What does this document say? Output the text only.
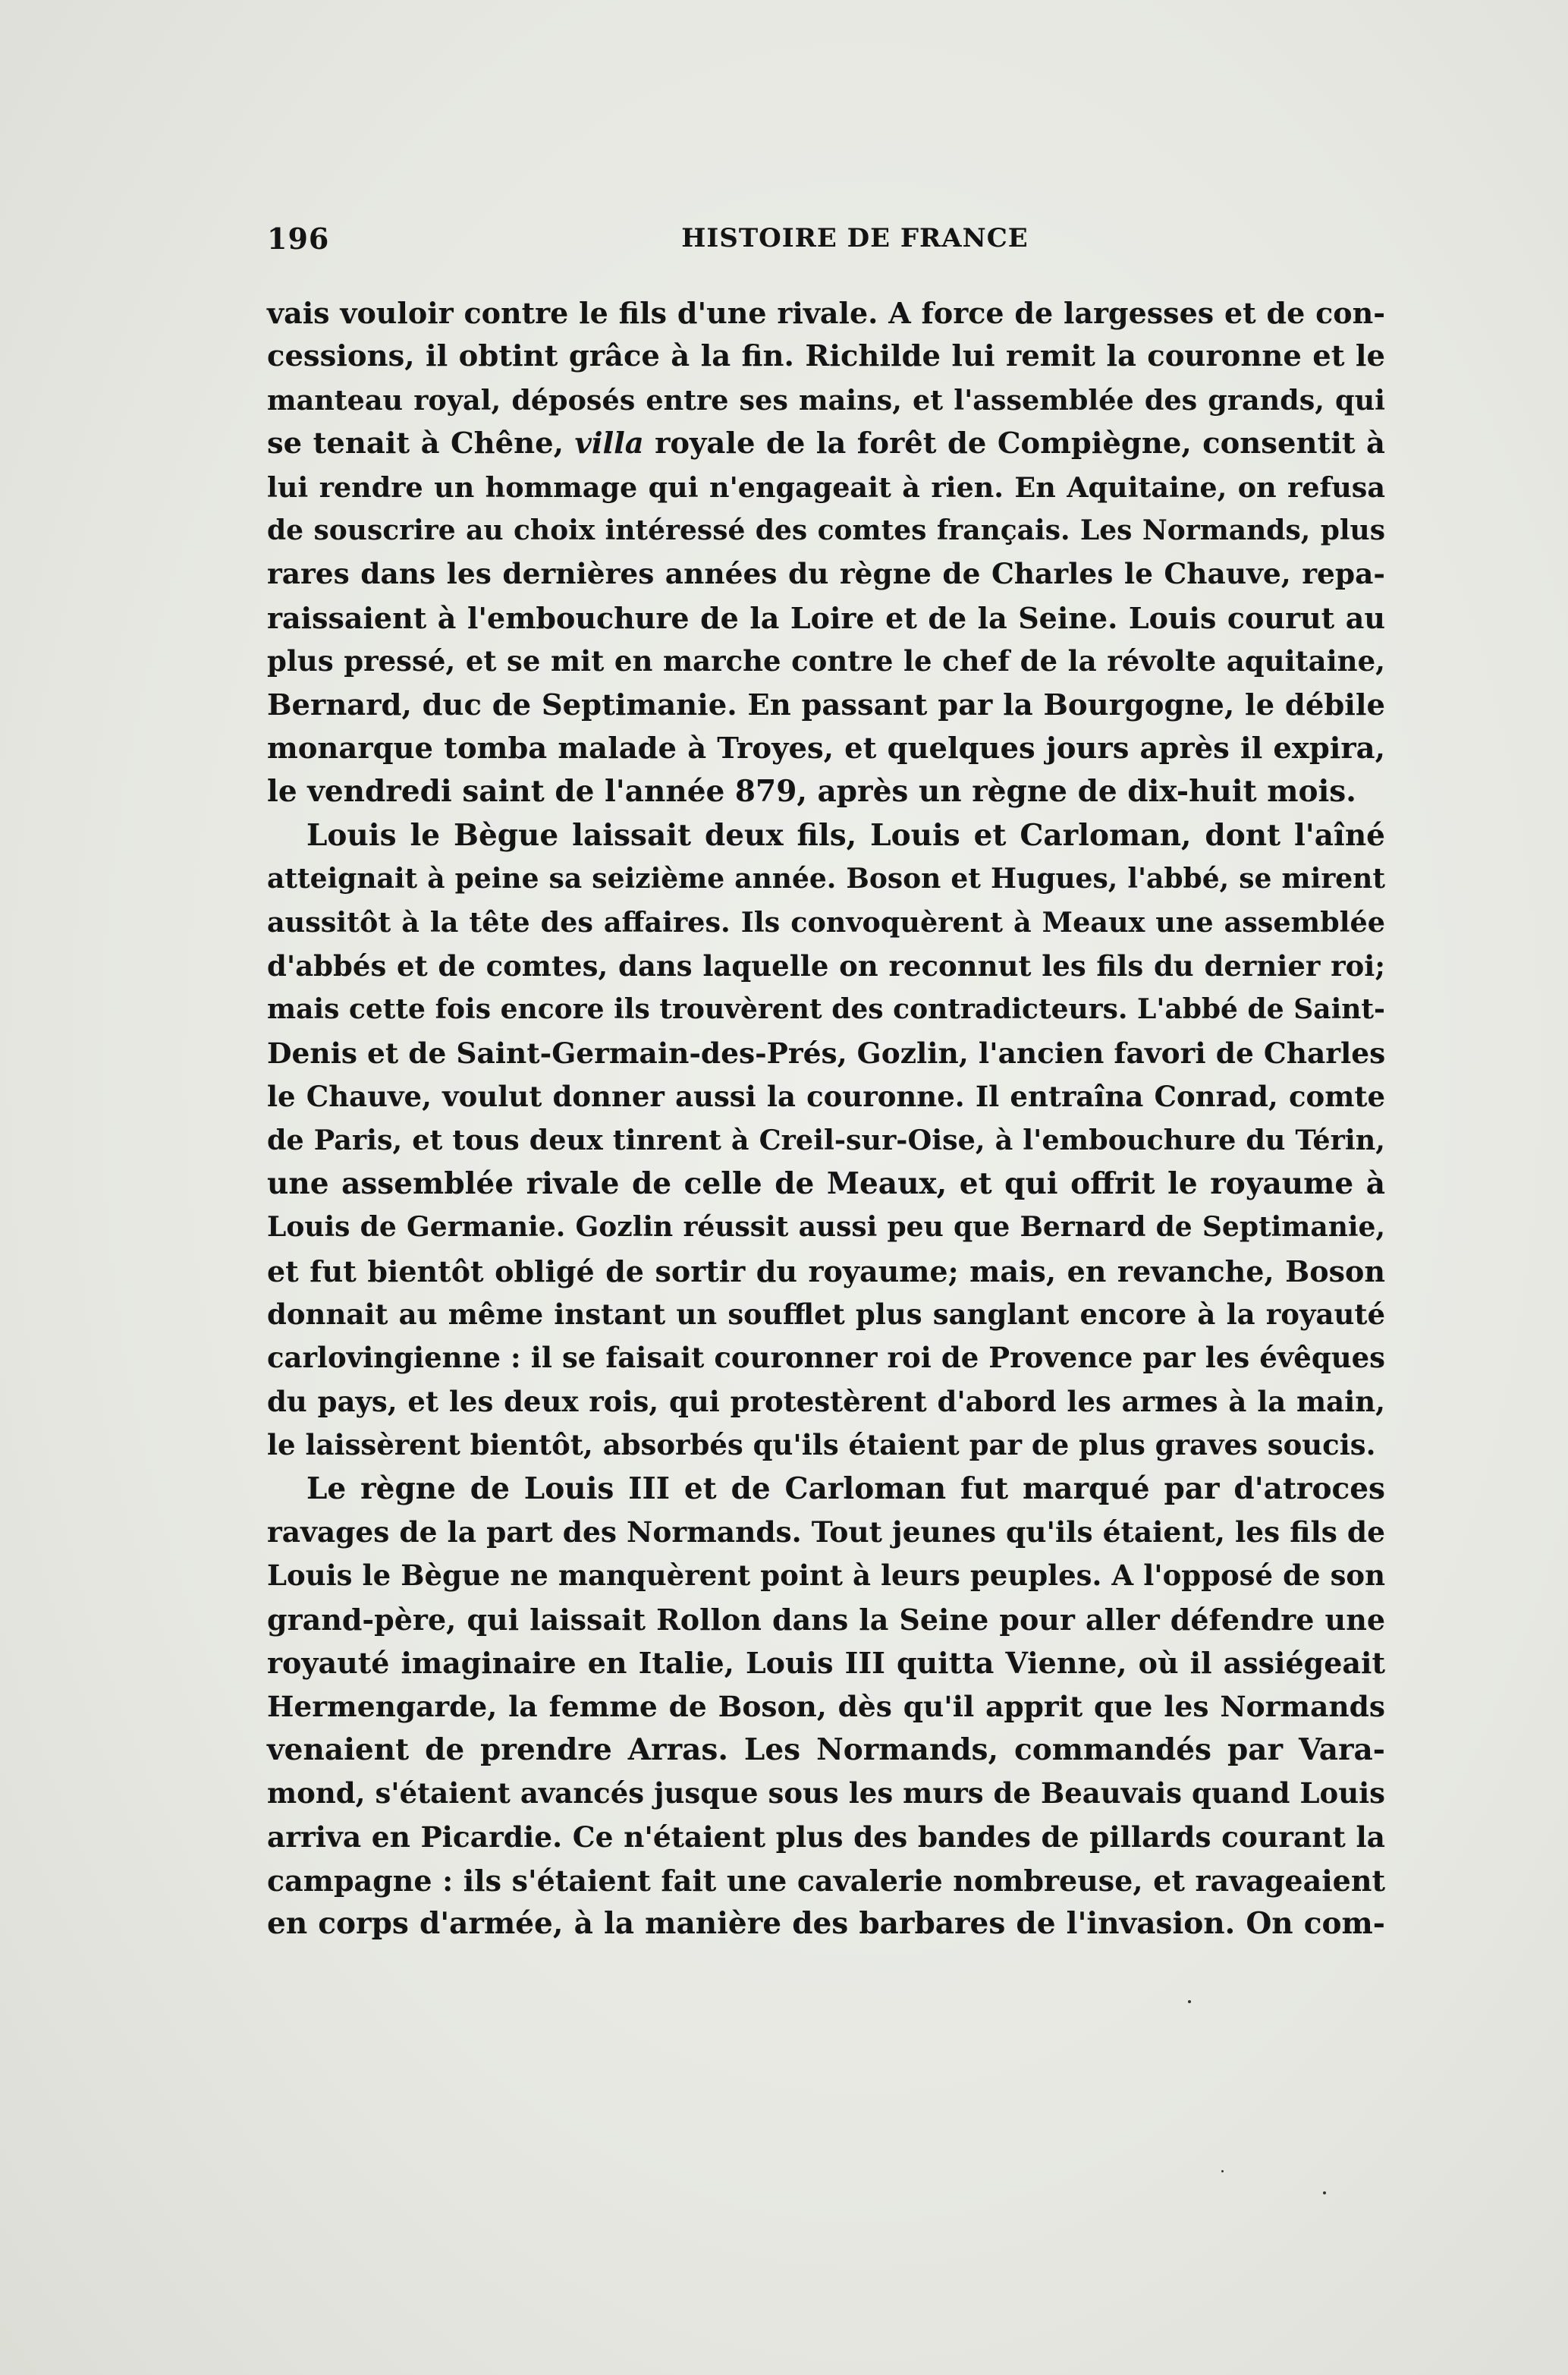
196	HISTOIRE DE FRANCE
vais vouloir contre le fils d'une rivale. A force de largesses et de con-
cessions, il obtint grâce à la fin. Richilde lui remit la couronne et le
manteau royal, déposés entre ses mains, et l'assemblée des grands, qui
se tenait à Chêne, villa royale de la forêt de Compiègne, consentit à
lui rendre un hommage qui n'engageait à rien. En Aquitaine, on refusa
de souscrire au choix intéressé des comtes français. Les Normands, plus
rares dans les dernières années du règne de Charles le Chauve, repa-
raissaient à l'embouchure de la Loire et de la Seine. Louis courut au
plus pressé, et se mit en marche contre le chef de la révolte aquitaine,
Bernard, duc de Septimanie. En passant par la Bourgogne, le débile
monarque tomba malade à Troyes, et quelques jours après il expira,
le vendredi saint de l'année 879, après un règne de dix-huit mois.
Louis le Bègue laissait deux fils, Louis et Carloman, dont l'aîné
atteignait à peine sa seizième année. Boson et Hugues, l'abbé, se mirent
aussitôt à la tête des affaires. Ils convoquèrent à Meaux une assemblée
d'abbés et de comtes, dans laquelle on reconnut les fils du dernier roi;
mais cette fois encore ils trouvèrent des contradicteurs. L'abbé de Saint-
Denis et de Saint-Germain-des-Prés, Gozlin, l'ancien favori de Charles
le Chauve, voulut donner aussi la couronne. Il entraîna Conrad, comte
de Paris, et tous deux tinrent à Creil-sur-Oise, à l'embouchure du Térin,
une assemblée rivale de celle de Meaux, et qui offrit le royaume à
Louis de Germanie. Gozlin réussit aussi peu que Bernard de Septimanie,
et fut bientôt obligé de sortir du royaume; mais, en revanche, Boson
donnait au même instant un soufflet plus sanglant encore à la royauté
carlovingienne : il se faisait couronner roi de Provence par les évêques
du pays, et les deux rois, qui protestèrent d'abord les armes à la main,
le laissèrent bientôt, absorbés qu'ils étaient par de plus graves soucis.
Le règne de Louis III et de Carloman fut marqué par d'atroces
ravages de la part des Normands. Tout jeunes qu'ils étaient, les fils de
Louis le Bègue ne manquèrent point à leurs peuples. A l'opposé de son
grand-père, qui laissait Rollon dans la Seine pour aller défendre une
royauté imaginaire en Italie, Louis III quitta Vienne, où il assiégeait
Hermengarde, la femme de Boson, dès qu'il apprit que les Normands
venaient de prendre Arras. Les Normands, commandés par Vara-
mond, s'étaient avancés jusque sous les murs de Beauvais quand Louis
arriva en Picardie. Ce n'étaient plus des bandes de pillards courant la
campagne : ils s'étaient fait une cavalerie nombreuse, et ravageaient
en corps d'armée, à la manière des barbares de l'invasion. On com-
